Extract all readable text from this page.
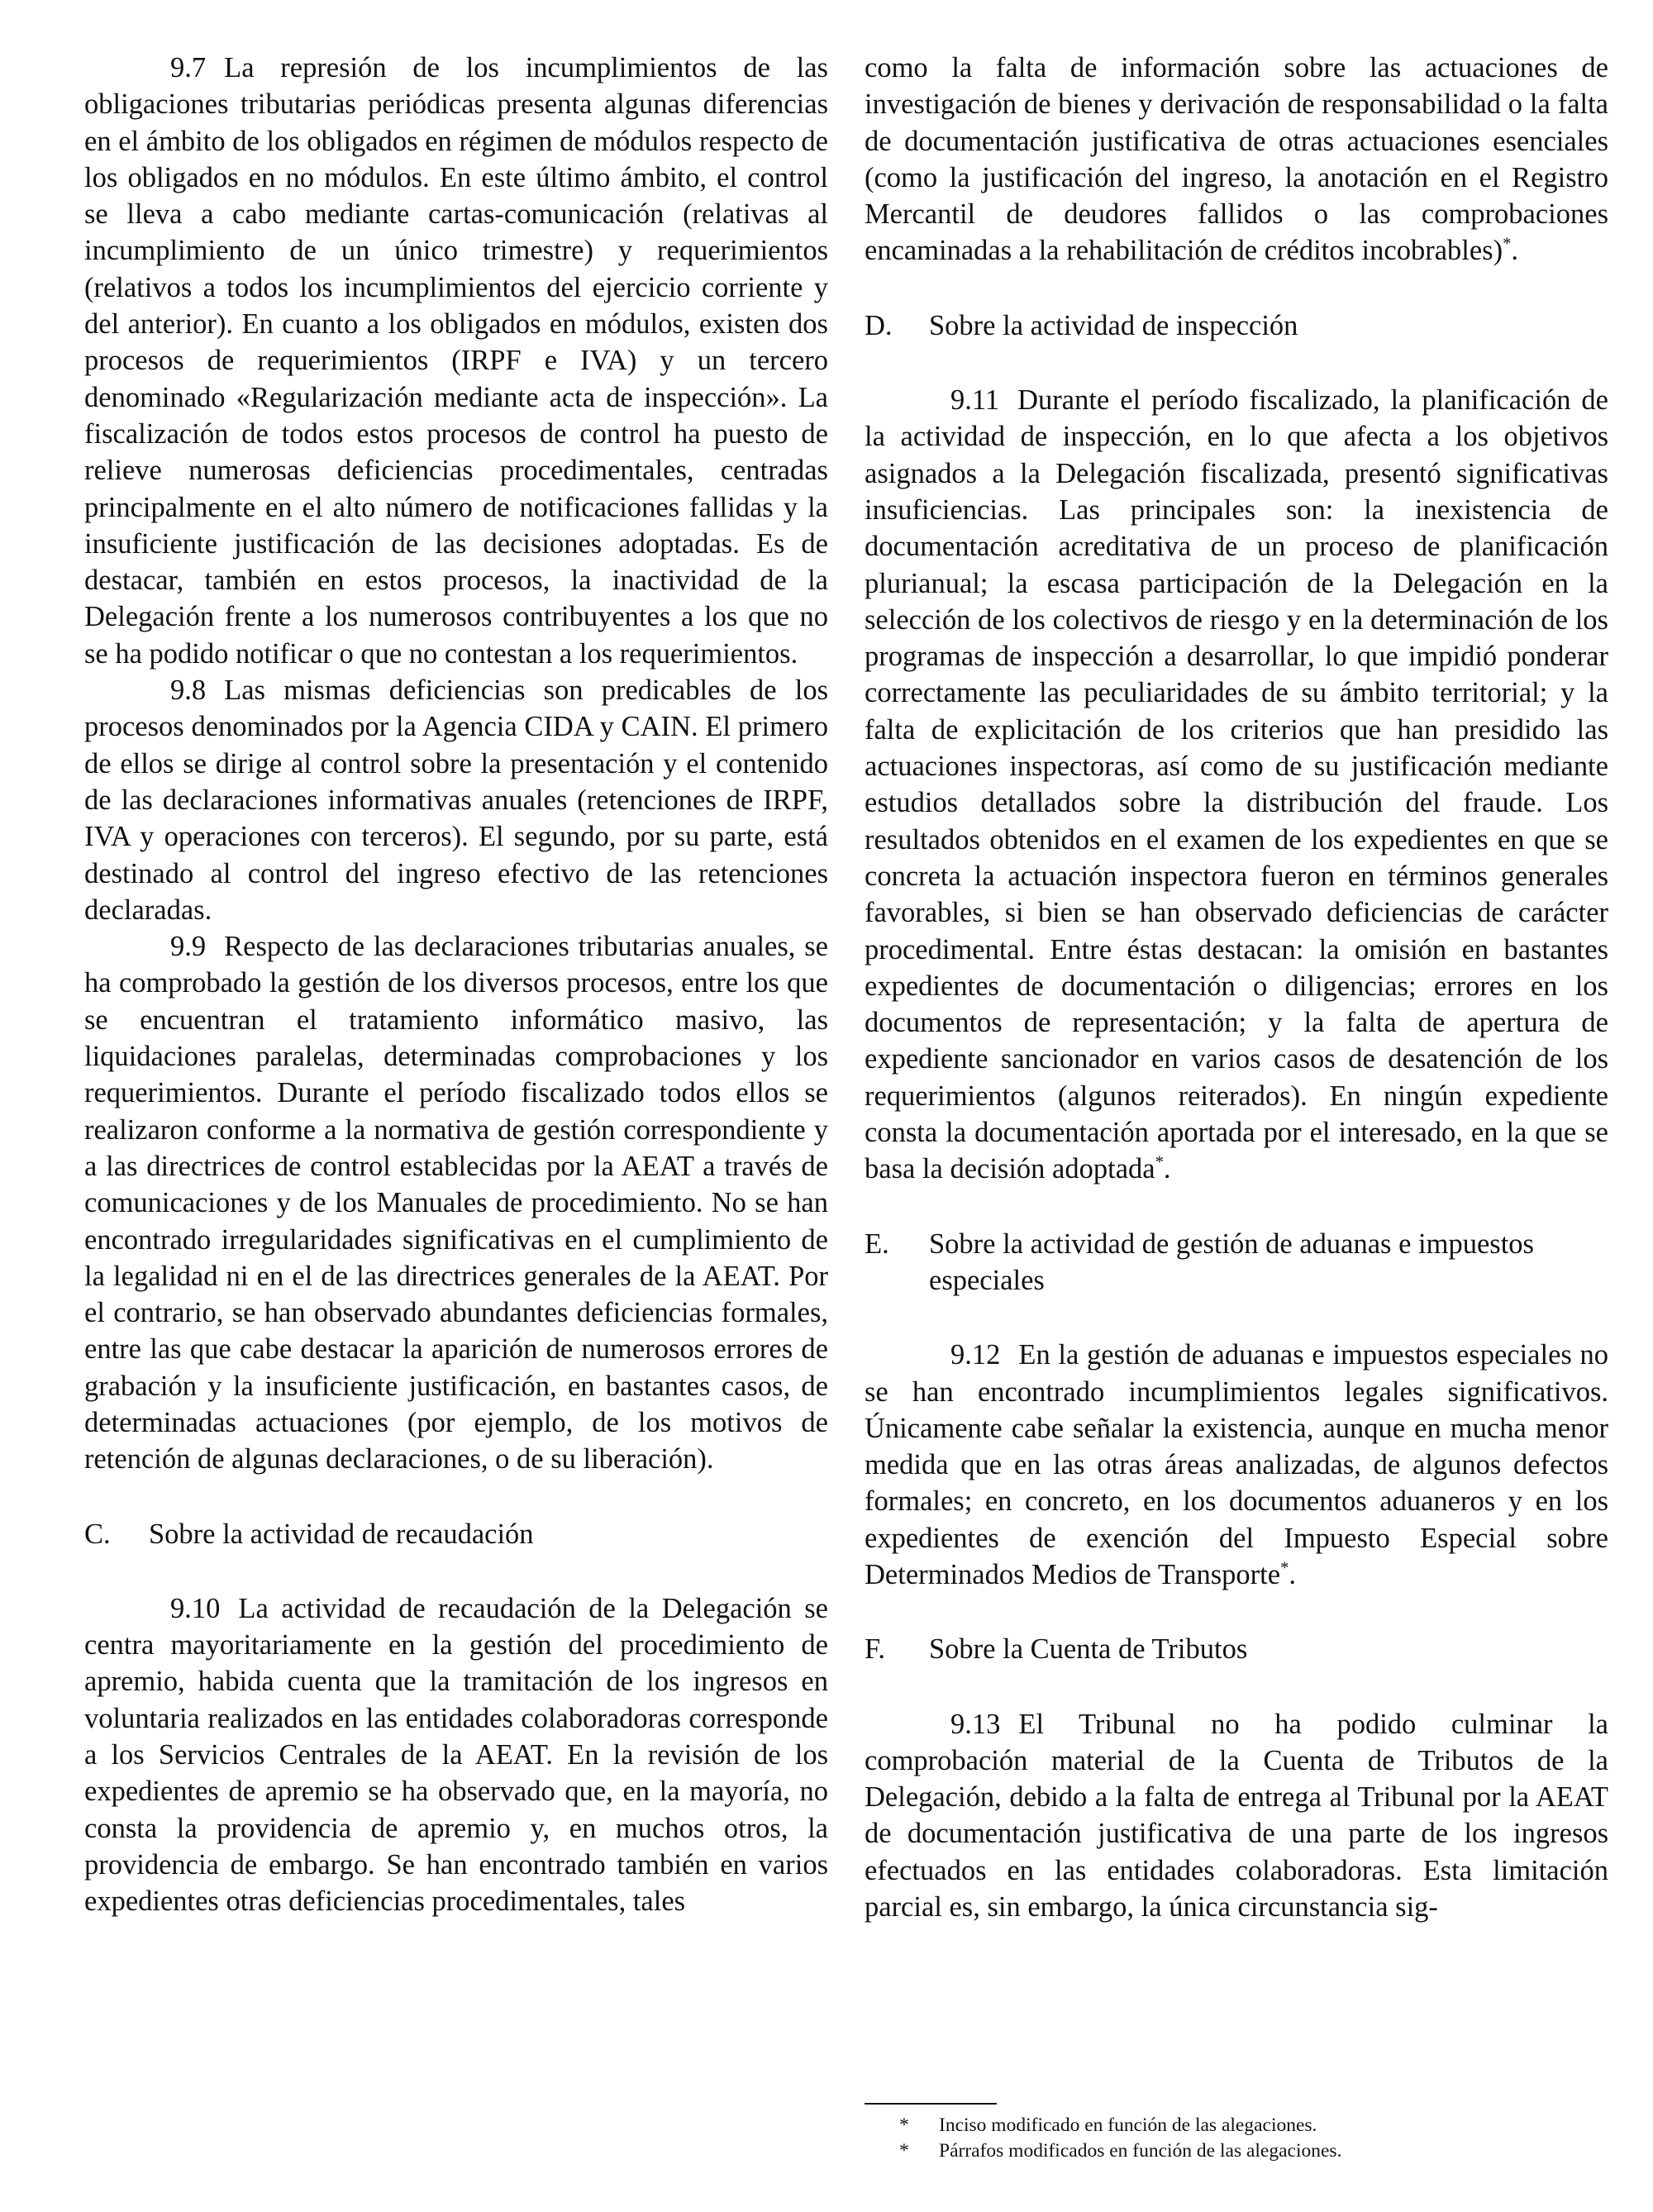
9.7 La represión de los incumplimientos de las obligaciones tributarias periódicas presenta algunas diferencias en el ámbito de los obligados en régimen de módulos respecto de los obligados en no módulos. En este último ámbito, el control se lleva a cabo mediante cartas-comunicación (relativas al incumplimiento de un único trimestre) y requerimientos (relativos a todos los incumplimientos del ejercicio corriente y del anterior). En cuanto a los obligados en módulos, existen dos procesos de requerimientos (IRPF e IVA) y un tercero denominado «Regularización mediante acta de inspección». La fiscalización de todos estos procesos de control ha puesto de relieve numerosas deficiencias procedimentales, centradas principalmente en el alto número de notificaciones fallidas y la insuficiente justificación de las decisiones adoptadas. Es de destacar, también en estos procesos, la inactividad de la Delegación frente a los numerosos contribuyentes a los que no se ha podido notificar o que no contestan a los requerimientos.

9.8 Las mismas deficiencias son predicables de los procesos denominados por la Agencia CIDA y CAIN. El primero de ellos se dirige al control sobre la presentación y el contenido de las declaraciones informativas anuales (retenciones de IRPF, IVA y operaciones con terceros). El segundo, por su parte, está destinado al control del ingreso efectivo de las retenciones declaradas.

9.9 Respecto de las declaraciones tributarias anuales, se ha comprobado la gestión de los diversos procesos, entre los que se encuentran el tratamiento informático masivo, las liquidaciones paralelas, determinadas comprobaciones y los requerimientos. Durante el período fiscalizado todos ellos se realizaron conforme a la normativa de gestión correspondiente y a las directrices de control establecidas por la AEAT a través de comunicaciones y de los Manuales de procedimiento. No se han encontrado irregularidades significativas en el cumplimiento de la legalidad ni en el de las directrices generales de la AEAT. Por el contrario, se han observado abundantes deficiencias formales, entre las que cabe destacar la aparición de numerosos errores de grabación y la insuficiente justificación, en bastantes casos, de determinadas actuaciones (por ejemplo, de los motivos de retención de algunas declaraciones, o de su liberación).

C.	Sobre la actividad de recaudación

9.10 La actividad de recaudación de la Delegación se centra mayoritariamente en la gestión del procedimiento de apremio, habida cuenta que la tramitación de los ingresos en voluntaria realizados en las entidades colaboradoras corresponde a los Servicios Centrales de la AEAT. En la revisión de los expedientes de apremio se ha observado que, en la mayoría, no consta la providencia de apremio y, en muchos otros, la providencia de embargo. Se han encontrado también en varios expedientes otras deficiencias procedimentales, tales

como la falta de información sobre las actuaciones de investigación de bienes y derivación de responsabilidad o la falta de documentación justificativa de otras actuaciones esenciales (como la justificación del ingreso, la anotación en el Registro Mercantil de deudores fallidos o las comprobaciones encaminadas a la rehabilitación de créditos incobrables)*.

D.	Sobre la actividad de inspección

9.11 Durante el período fiscalizado, la planificación de la actividad de inspección, en lo que afecta a los objetivos asignados a la Delegación fiscalizada, presentó significativas insuficiencias. Las principales son: la inexistencia de documentación acreditativa de un proceso de planificación plurianual; la escasa participación de la Delegación en la selección de los colectivos de riesgo y en la determinación de los programas de inspección a desarrollar, lo que impidió ponderar correctamente las peculiaridades de su ámbito territorial; y la falta de explicitación de los criterios que han presidido las actuaciones inspectoras, así como de su justificación mediante estudios detallados sobre la distribución del fraude. Los resultados obtenidos en el examen de los expedientes en que se concreta la actuación inspectora fueron en términos generales favorables, si bien se han observado deficiencias de carácter procedimental. Entre éstas destacan: la omisión en bastantes expedientes de documentación o diligencias; errores en los documentos de representación; y la falta de apertura de expediente sancionador en varios casos de desatención de los requerimientos (algunos reiterados). En ningún expediente consta la documentación aportada por el interesado, en la que se basa la decisión adoptada*.

E.	Sobre la actividad de gestión de aduanas e impuestos especiales

9.12 En la gestión de aduanas e impuestos especiales no se han encontrado incumplimientos legales significativos. Únicamente cabe señalar la existencia, aunque en mucha menor medida que en las otras áreas analizadas, de algunos defectos formales; en concreto, en los documentos aduaneros y en los expedientes de exención del Impuesto Especial sobre Determinados Medios de Transporte*.

F.	Sobre la Cuenta de Tributos

9.13 El Tribunal no ha podido culminar la comprobación material de la Cuenta de Tributos de la Delegación, debido a la falta de entrega al Tribunal por la AEAT de documentación justificativa de una parte de los ingresos efectuados en las entidades colaboradoras. Esta limitación parcial es, sin embargo, la única circunstancia sig-

*	Inciso modificado en función de las alegaciones.
*	Párrafos modificados en función de las alegaciones.
